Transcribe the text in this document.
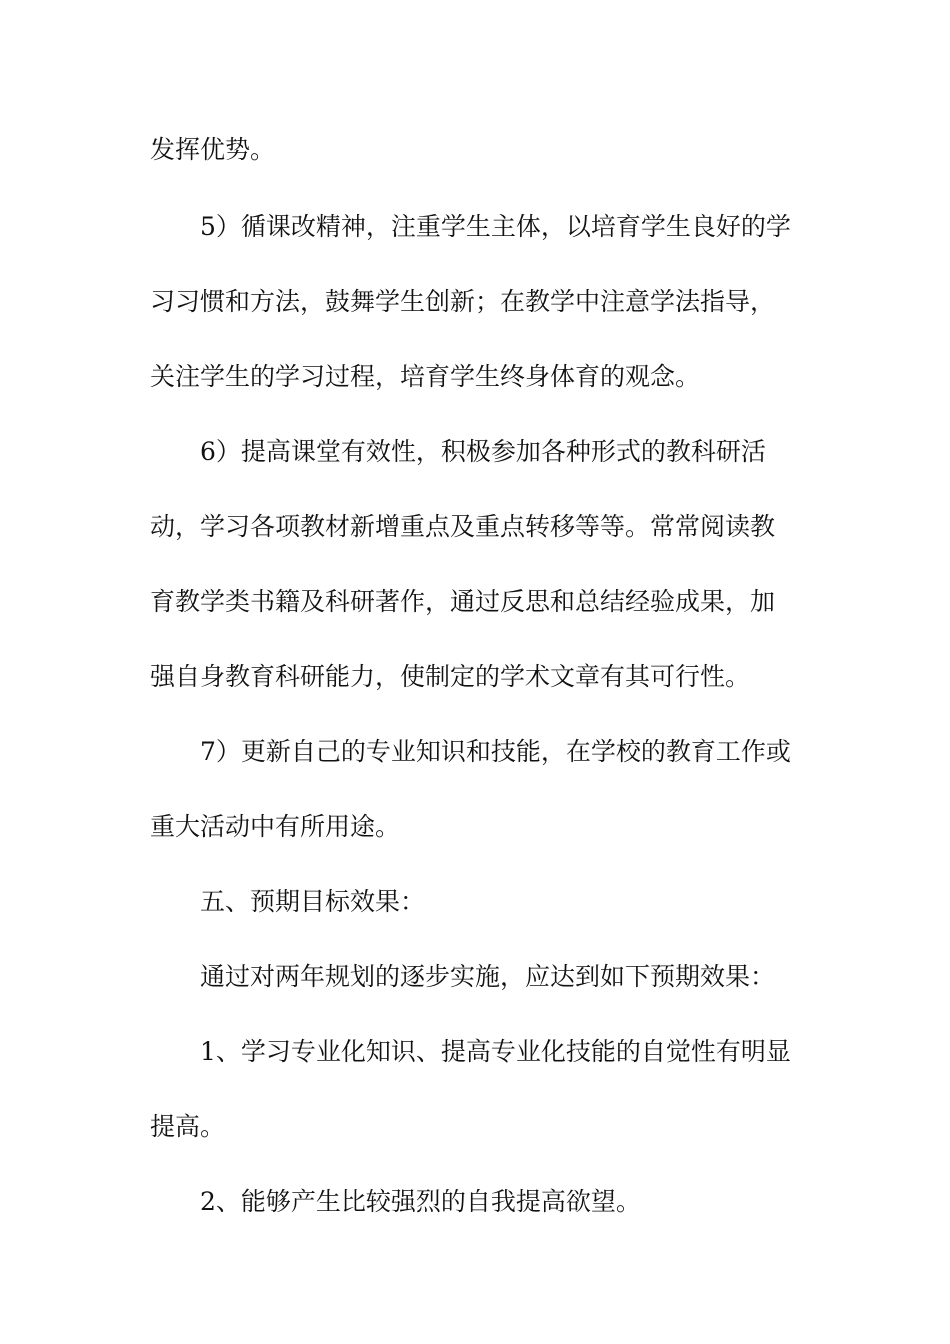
发挥优势。
5）循课改精神，注重学生主体，以培育学生良好的学
习习惯和方法，鼓舞学生创新；在教学中注意学法指导，
关注学生的学习过程，培育学生终身体育的观念。
6）提高课堂有效性，积极参加各种形式的教科研活
动，学习各项教材新增重点及重点转移等等。常常阅读教
育教学类书籍及科研著作，通过反思和总结经验成果，加
强自身教育科研能力，使制定的学术文章有其可行性。
7）更新自己的专业知识和技能，在学校的教育工作或
重大活动中有所用途。
五、预期目标效果：
通过对两年规划的逐步实施，应达到如下预期效果：
1、学习专业化知识、提高专业化技能的自觉性有明显
提高。
2、能够产生比较强烈的自我提高欲望。
